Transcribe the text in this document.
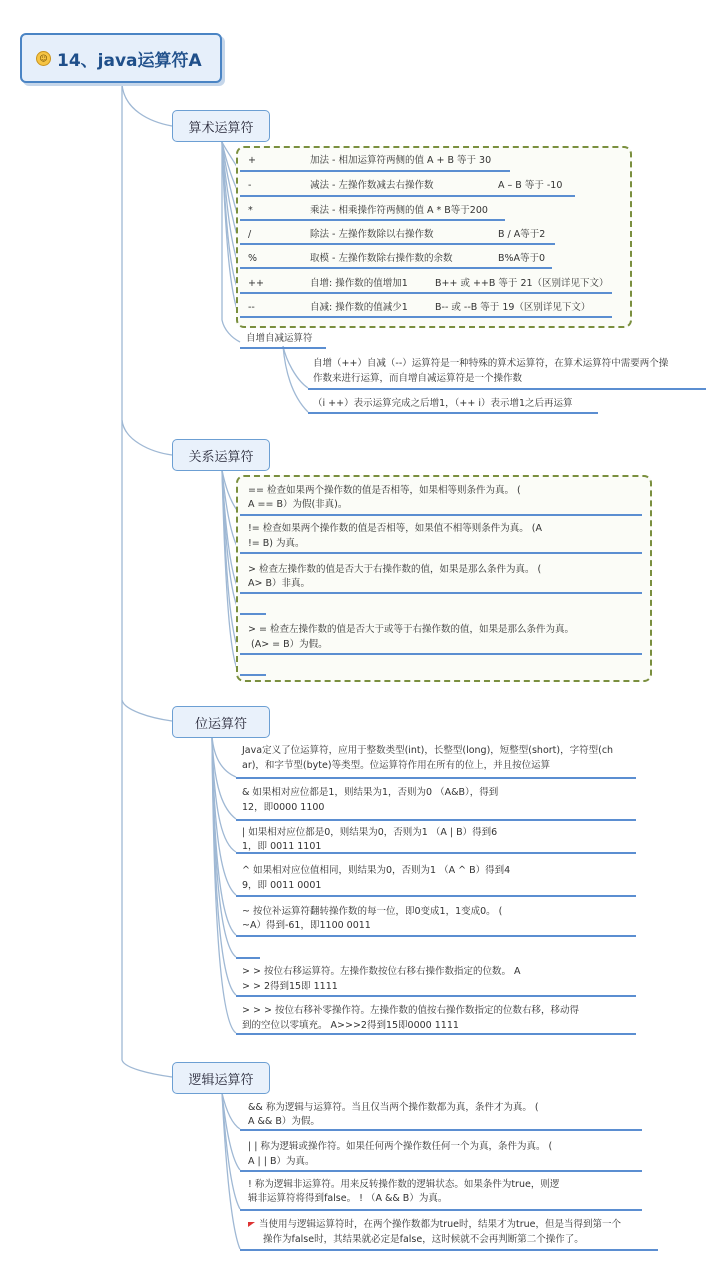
☺ 14、java运算符A
算术运算符
关系运算符
位运算符
逻辑运算符
+	加法 - 相加运算符两侧的值 A + B 等于 30
-	减法 - 左操作数减去右操作数	A – B 等于 -10
*	乘法 - 相乘操作符两侧的值 A * B等于200
/	除法 - 左操作数除以右操作数	B / A等于2
%	取模 - 左操作数除右操作数的余数	B%A等于0
++	自增: 操作数的值增加1	B++ 或 ++B 等于 21（区别详见下文）
--	自减: 操作数的值减少1	B-- 或 --B 等于 19（区别详见下文）
自增自减运算符
自增（++）自减（--）运算符是一种特殊的算术运算符，在算术运算符中需要两个操
作数来进行运算，而自增自减运算符是一个操作数
（i ++）表示运算完成之后增1，（++ i）表示增1之后再运算
== 检查如果两个操作数的值是否相等，如果相等则条件为真。 (
A == B）为假(非真)。
!= 检查如果两个操作数的值是否相等，如果值不相等则条件为真。 (A
!= B) 为真。
> 检查左操作数的值是否大于右操作数的值，如果是那么条件为真。 (
A> B）非真。
> = 检查左操作数的值是否大于或等于右操作数的值，如果是那么条件为真。
(A> = B）为假。
Java定义了位运算符，应用于整数类型(int)，长整型(long)，短整型(short)，字符型(ch
ar)，和字节型(byte)等类型。位运算符作用在所有的位上，并且按位运算
& 如果相对应位都是1，则结果为1，否则为0 （A&B），得到
12，即0000 1100
| 如果相对应位都是0，则结果为0，否则为1 （A | B）得到6
1，即 0011 1101
^ 如果相对应位值相同，则结果为0，否则为1 （A ^ B）得到4
9，即 0011 0001
~ 按位补运算符翻转操作数的每一位，即0变成1，1变成0。 (
~A）得到-61，即1100 0011
> > 按位右移运算符。左操作数按位右移右操作数指定的位数。 A
> > 2得到15即 1111
> > > 按位右移补零操作符。左操作数的值按右操作数指定的位数右移，移动得
到的空位以零填充。 A>>>2得到15即0000 1111
&& 称为逻辑与运算符。当且仅当两个操作数都为真，条件才为真。 (
A && B）为假。
| | 称为逻辑或操作符。如果任何两个操作数任何一个为真，条件为真。 (
A | | B）为真。
! 称为逻辑非运算符。用来反转操作数的逻辑状态。如果条件为true，则逻
辑非运算符将得到false。 ! （A && B）为真。
当使用与逻辑运算符时，在两个操作数都为true时，结果才为true，但是当得到第一个
操作为false时，其结果就必定是false，这时候就不会再判断第二个操作了。
